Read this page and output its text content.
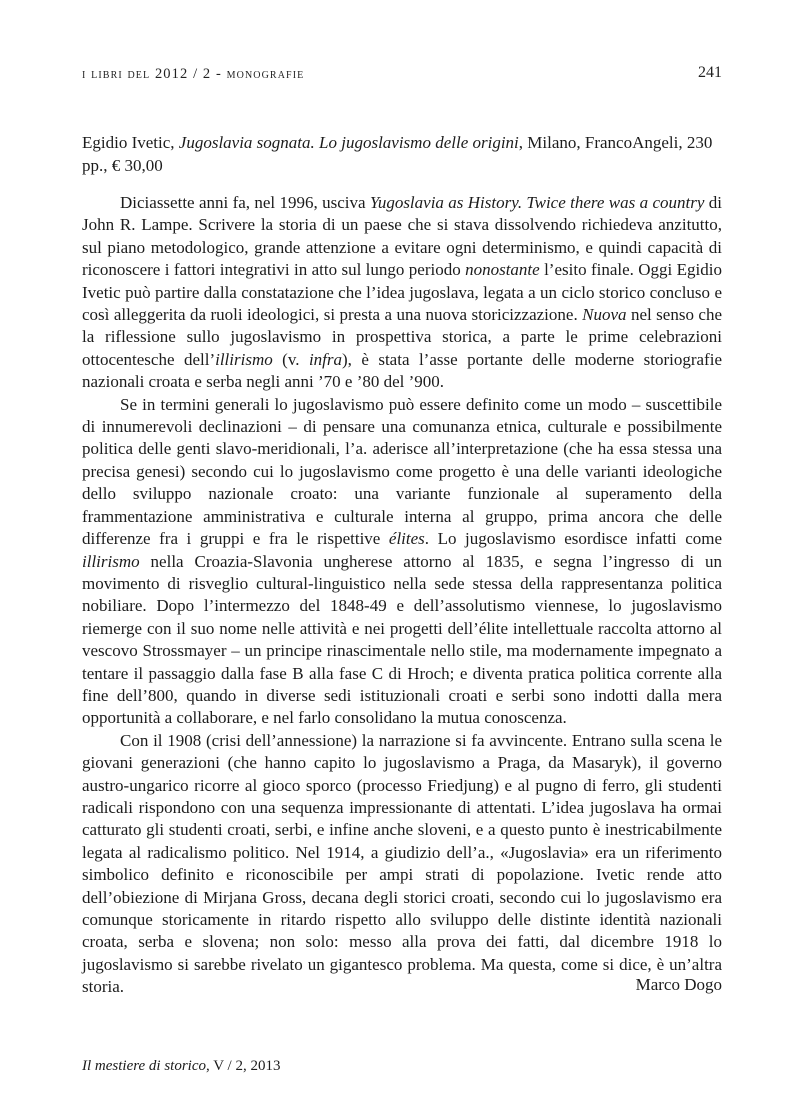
i libri del 2012 / 2 - monografie	241
Egidio Ivetic, Jugoslavia sognata. Lo jugoslavismo delle origini, Milano, FrancoAngeli, 230 pp., € 30,00

Diciassette anni fa, nel 1996, usciva Yugoslavia as History. Twice there was a country di John R. Lampe. Scrivere la storia di un paese che si stava dissolvendo richiedeva anzitutto, sul piano metodologico, grande attenzione a evitare ogni determinismo, e quindi capacità di riconoscere i fattori integrativi in atto sul lungo periodo nonostante l’esito finale. Oggi Egidio Ivetic può partire dalla constatazione che l’idea jugoslava, legata a un ciclo storico concluso e così alleggerita da ruoli ideologici, si presta a una nuova storicizzazione. Nuova nel senso che la riflessione sullo jugoslavismo in prospettiva storica, a parte le prime celebrazioni ottocentesche dell’illirismo (v. infra), è stata l’asse portante delle moderne storiografie nazionali croata e serba negli anni ’70 e ’80 del ’900.

Se in termini generali lo jugoslavismo può essere definito come un modo – suscettibile di innumerevoli declinazioni – di pensare una comunanza etnica, culturale e possibilmente politica delle genti slavo-meridionali, l’a. aderisce all’interpretazione (che ha essa stessa una precisa genesi) secondo cui lo jugoslavismo come progetto è una delle varianti ideologiche dello sviluppo nazionale croato: una variante funzionale al superamento della frammentazione amministrativa e culturale interna al gruppo, prima ancora che delle differenze fra i gruppi e fra le rispettive élites. Lo jugoslavismo esordisce infatti come illirismo nella Croazia-Slavonia ungherese attorno al 1835, e segna l’ingresso di un movimento di risveglio cultural-linguistico nella sede stessa della rappresentanza politica nobiliare. Dopo l’intermezzo del 1848-49 e dell’assolutismo viennese, lo jugoslavismo riemerge con il suo nome nelle attività e nei progetti dell’élite intellettuale raccolta attorno al vescovo Strossmayer – un principe rinascimentale nello stile, ma modernamente impegnato a tentare il passaggio dalla fase B alla fase C di Hroch; e diventa pratica politica corrente alla fine dell’800, quando in diverse sedi istituzionali croati e serbi sono indotti dalla mera opportunità a collaborare, e nel farlo consolidano la mutua conoscenza.

Con il 1908 (crisi dell’annessione) la narrazione si fa avvincente. Entrano sulla scena le giovani generazioni (che hanno capito lo jugoslavismo a Praga, da Masaryk), il governo austro-ungarico ricorre al gioco sporco (processo Friedjung) e al pugno di ferro, gli studenti radicali rispondono con una sequenza impressionante di attentati. L’idea jugoslava ha ormai catturato gli studenti croati, serbi, e infine anche sloveni, e a questo punto è inestricabilmente legata al radicalismo politico. Nel 1914, a giudizio dell’a., «Jugoslavia» era un riferimento simbolico definito e riconoscibile per ampi strati di popolazione. Ivetic rende atto dell’obiezione di Mirjana Gross, decana degli storici croati, secondo cui lo jugoslavismo era comunque storicamente in ritardo rispetto allo sviluppo delle distinte identità nazionali croata, serba e slovena; non solo: messo alla prova dei fatti, dal dicembre 1918 lo jugoslavismo si sarebbe rivelato un gigantesco problema. Ma questa, come si dice, è un’altra storia.	Marco Dogo
Il mestiere di storico, V / 2, 2013
